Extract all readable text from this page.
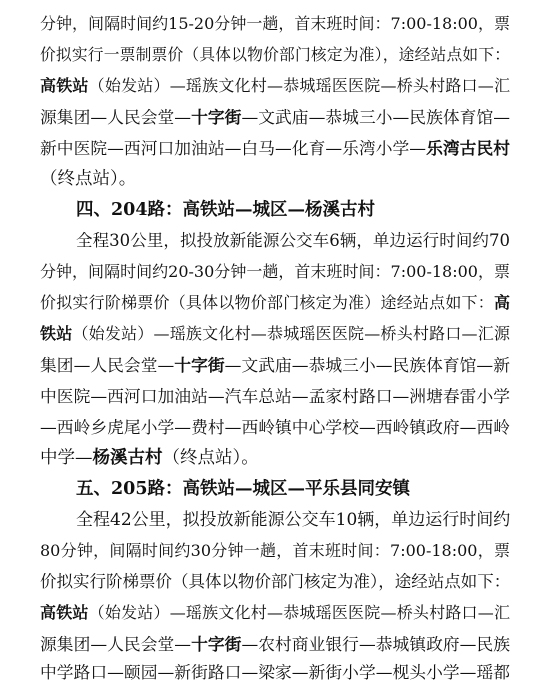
分钟，间隔时间约15-20分钟一趟，首末班时间：7:00-18:00，票
价拟实行一票制票价（具体以物价部门核定为准），途经站点如下：
高铁站（始发站）—瑶族文化村—恭城瑶医医院—桥头村路口—汇
源集团—人民会堂—十字街—文武庙—恭城三小—民族体育馆—
新中医院—西河口加油站—白马—化育—乐湾小学—乐湾古民村
（终点站）。
四、204路：高铁站—城区—杨溪古村
全程30公里，拟投放新能源公交车6辆，单边运行时间约70
分钟，间隔时间约20-30分钟一趟，首末班时间：7:00-18:00，票
价拟实行阶梯票价（具体以物价部门核定为准）途经站点如下：高
铁站（始发站）—瑶族文化村—恭城瑶医医院—桥头村路口—汇源
集团—人民会堂—十字街—文武庙—恭城三小—民族体育馆—新
中医院—西河口加油站—汽车总站—孟家村路口—洲塘春雷小学
—西岭乡虎尾小学—费村—西岭镇中心学校—西岭镇政府—西岭
中学—杨溪古村（终点站）。
五、205路：高铁站—城区—平乐县同安镇
全程42公里，拟投放新能源公交车10辆，单边运行时间约
80分钟，间隔时间约30分钟一趟，首末班时间：7:00-18:00，票
价拟实行阶梯票价（具体以物价部门核定为准），途经站点如下：
高铁站（始发站）—瑶族文化村—恭城瑶医医院—桥头村路口—汇
源集团—人民会堂—十字街—农村商业银行—恭城镇政府—民族
中学路口—颐园—新街路口—梁家—新街小学—枧头小学—瑶都
